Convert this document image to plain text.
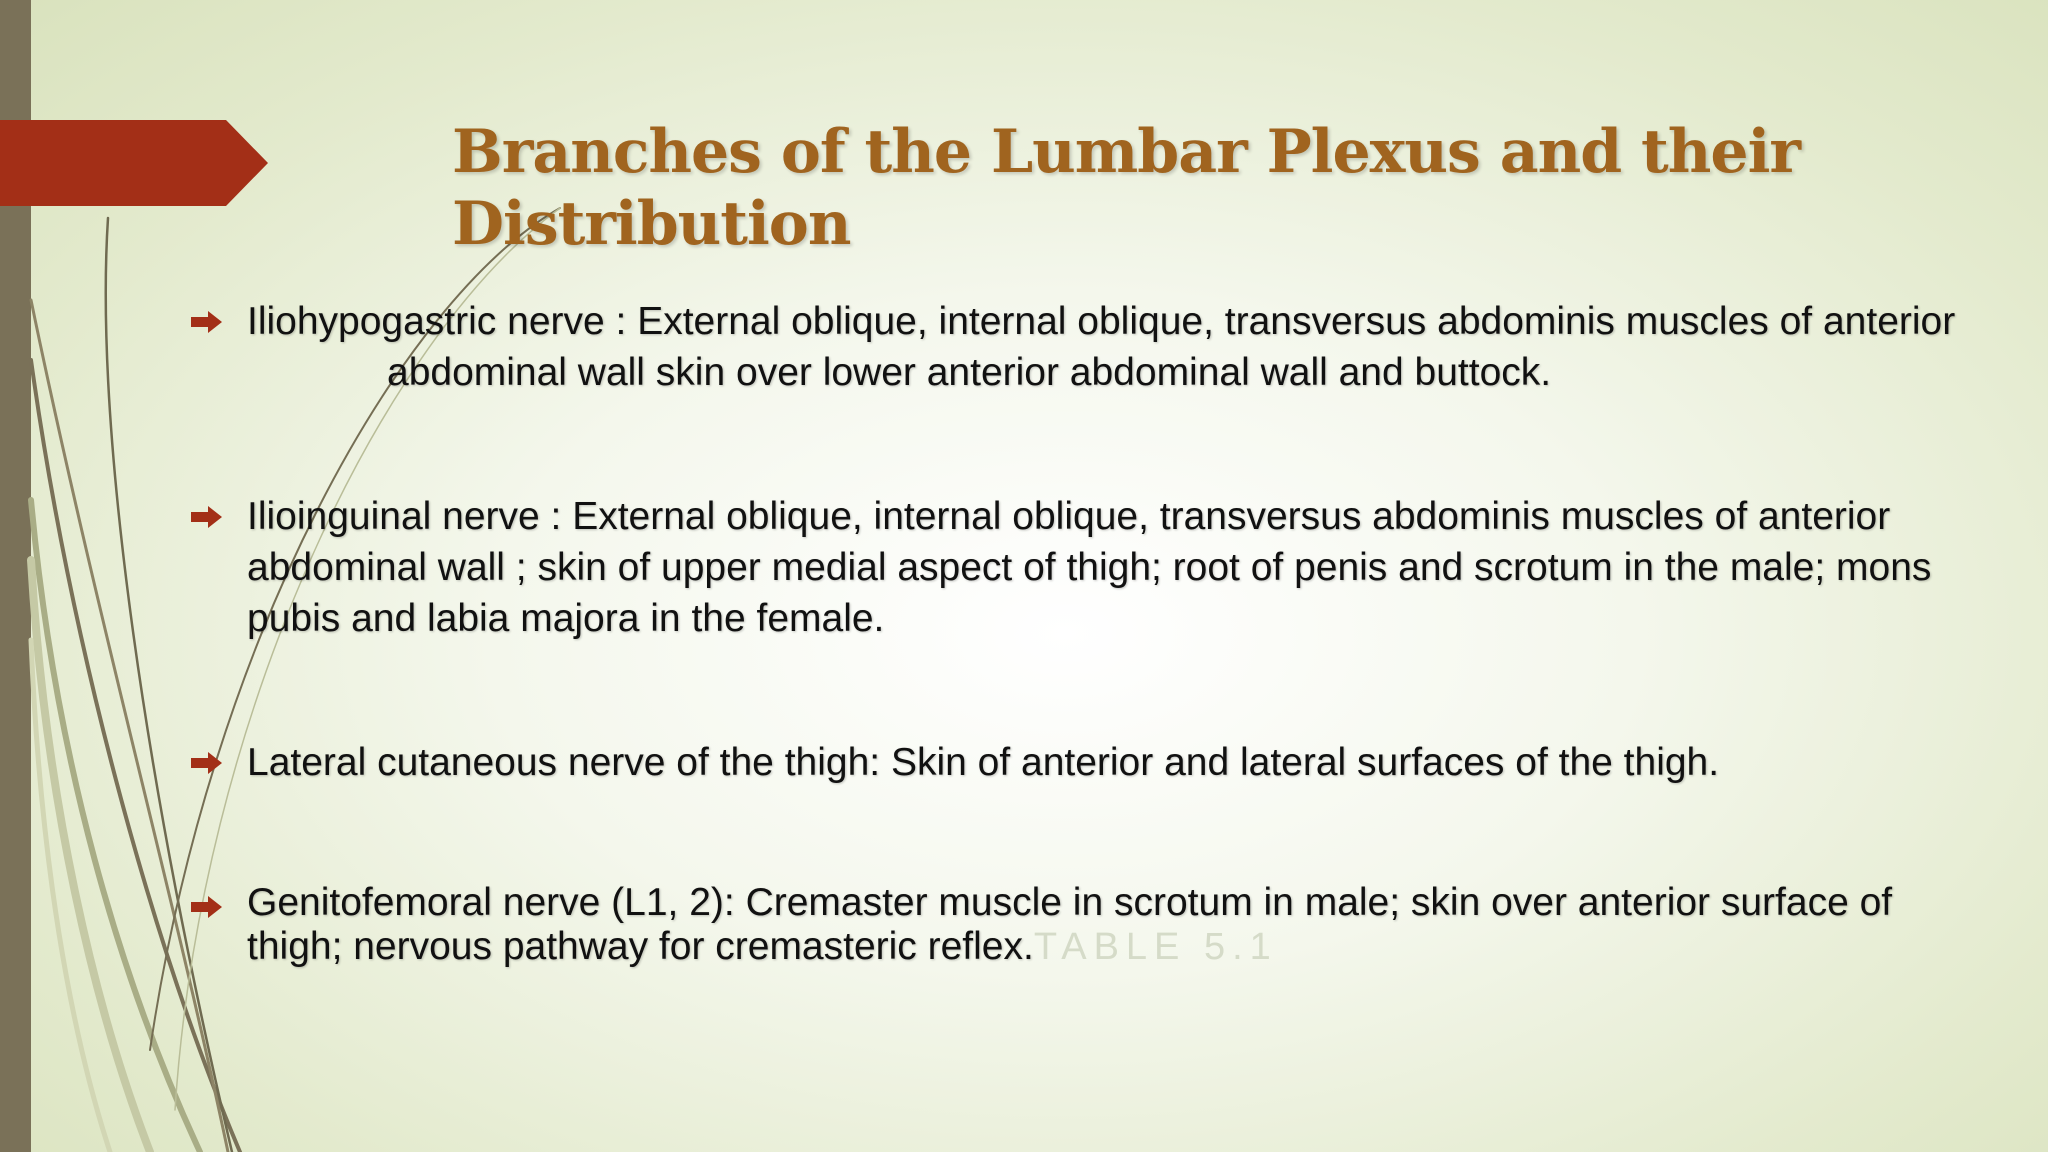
Branches of the Lumbar Plexus and their Distribution
Iliohypogastric nerve : External oblique, internal oblique, transversus abdominis muscles of anteriorabdominal wall skin over lower anterior abdominal wall and buttock.
Ilioinguinal nerve : External oblique, internal oblique, transversus abdominis muscles of anterior abdominal wall ; skin of upper medial aspect of thigh; root of penis and scrotum in the male; mons pubis and labia majora in the female.
Lateral cutaneous nerve of the thigh: Skin of anterior and lateral surfaces of the thigh.
Genitofemoral nerve (L1, 2): Cremaster muscle in scrotum in male; skin over anterior surface of thigh; nervous pathway for cremasteric reflex.TABLE 5.1
